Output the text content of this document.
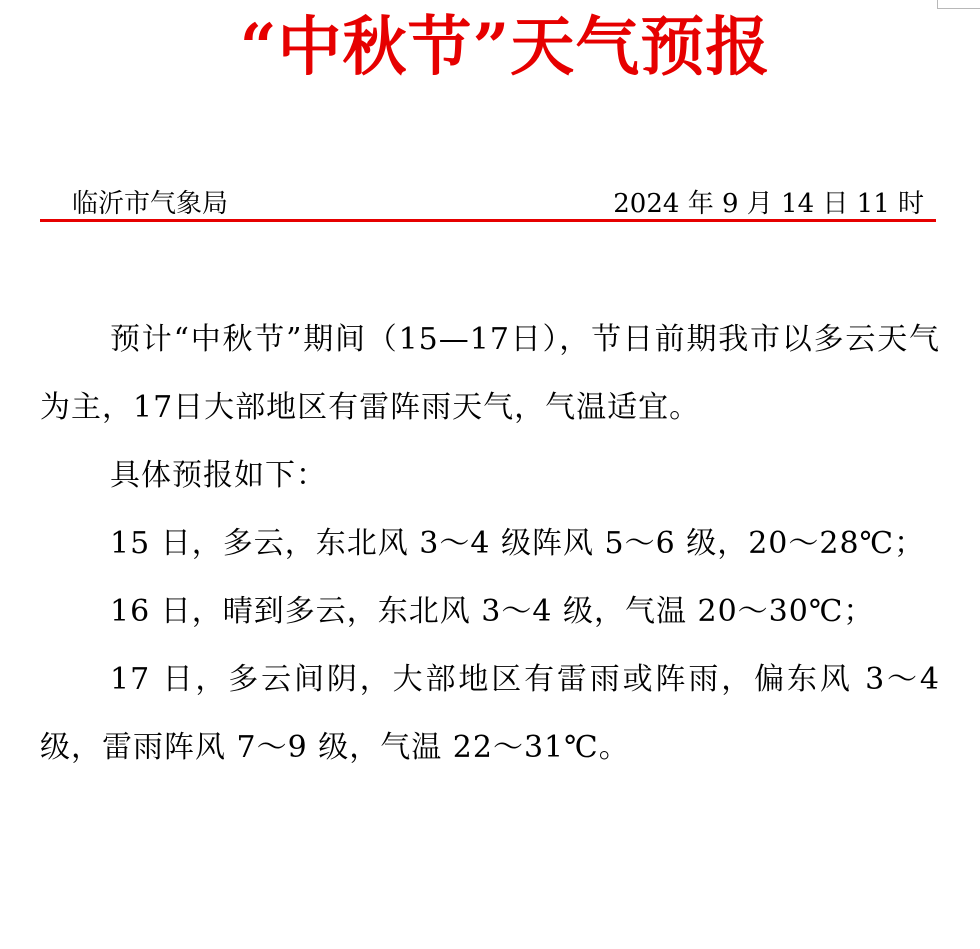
“中秋节”天气预报
临沂市气象局	2024 年 9 月 14 日 11 时

预计“中秋节”期间（15—17日），节日前期我市以多云天气为主，17日大部地区有雷阵雨天气，气温适宜。

具体预报如下：

15 日，多云，东北风 3～4 级阵风 5～6 级，20～28℃；

16 日，晴到多云，东北风 3～4 级，气温 20～30℃；

17 日，多云间阴，大部地区有雷雨或阵雨，偏东风 3～4 级，雷雨阵风 7～9 级，气温 22～31℃。
